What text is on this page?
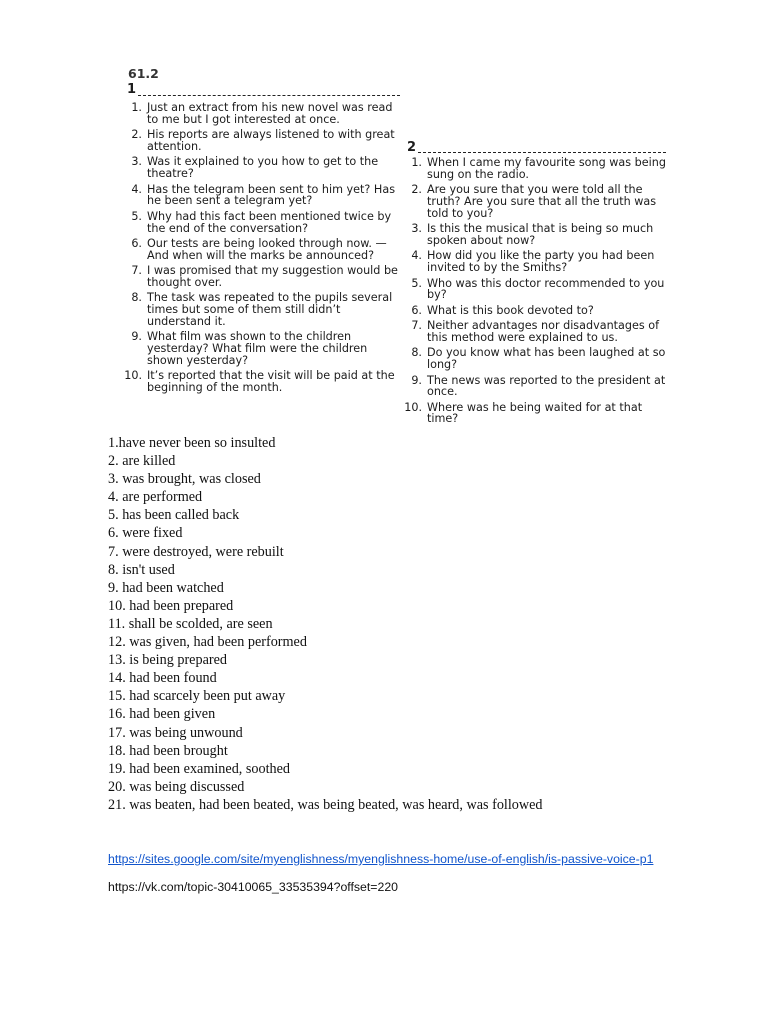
61.2
1
1. Just an extract from his new novel was read to me but I got interested at once.
2. His reports are always listened to with great attention.
3. Was it explained to you how to get to the theatre?
4. Has the telegram been sent to him yet? Has he been sent a telegram yet?
5. Why had this fact been mentioned twice by the end of the conversation?
6. Our tests are being looked through now. — And when will the marks be announced?
7. I was promised that my suggestion would be thought over.
8. The task was repeated to the pupils several times but some of them still didn’t understand it.
9. What film was shown to the children yesterday? What film were the children shown yesterday?
10. It’s reported that the visit will be paid at the beginning of the month.
2
1. When I came my favourite song was being sung on the radio.
2. Are you sure that you were told all the truth? Are you sure that all the truth was told to you?
3. Is this the musical that is being so much spoken about now?
4. How did you like the party you had been invited to by the Smiths?
5. Who was this doctor recommended to you by?
6. What is this book devoted to?
7. Neither advantages nor disadvantages of this method were explained to us.
8. Do you know what has been laughed at so long?
9. The news was reported to the president at once.
10. Where was he being waited for at that time?
1.have never been so insulted
2. are killed
3. was brought, was closed
4. are performed
5. has been called back
6. were fixed
7. were destroyed, were rebuilt
8. isn't used
9. had been watched
10. had been prepared
11. shall be scolded, are seen
12. was given, had been performed
13. is being prepared
14. had been found
15. had scarcely been put away
16. had been given
17. was being unwound
18. had been brought
19. had been examined, soothed
20. was being discussed
21. was beaten, had been beated, was being beated, was heard, was followed
https://sites.google.com/site/myenglishness/myenglishness-home/use-of-english/is-passive-voice-p1
https://vk.com/topic-30410065_33535394?offset=220
